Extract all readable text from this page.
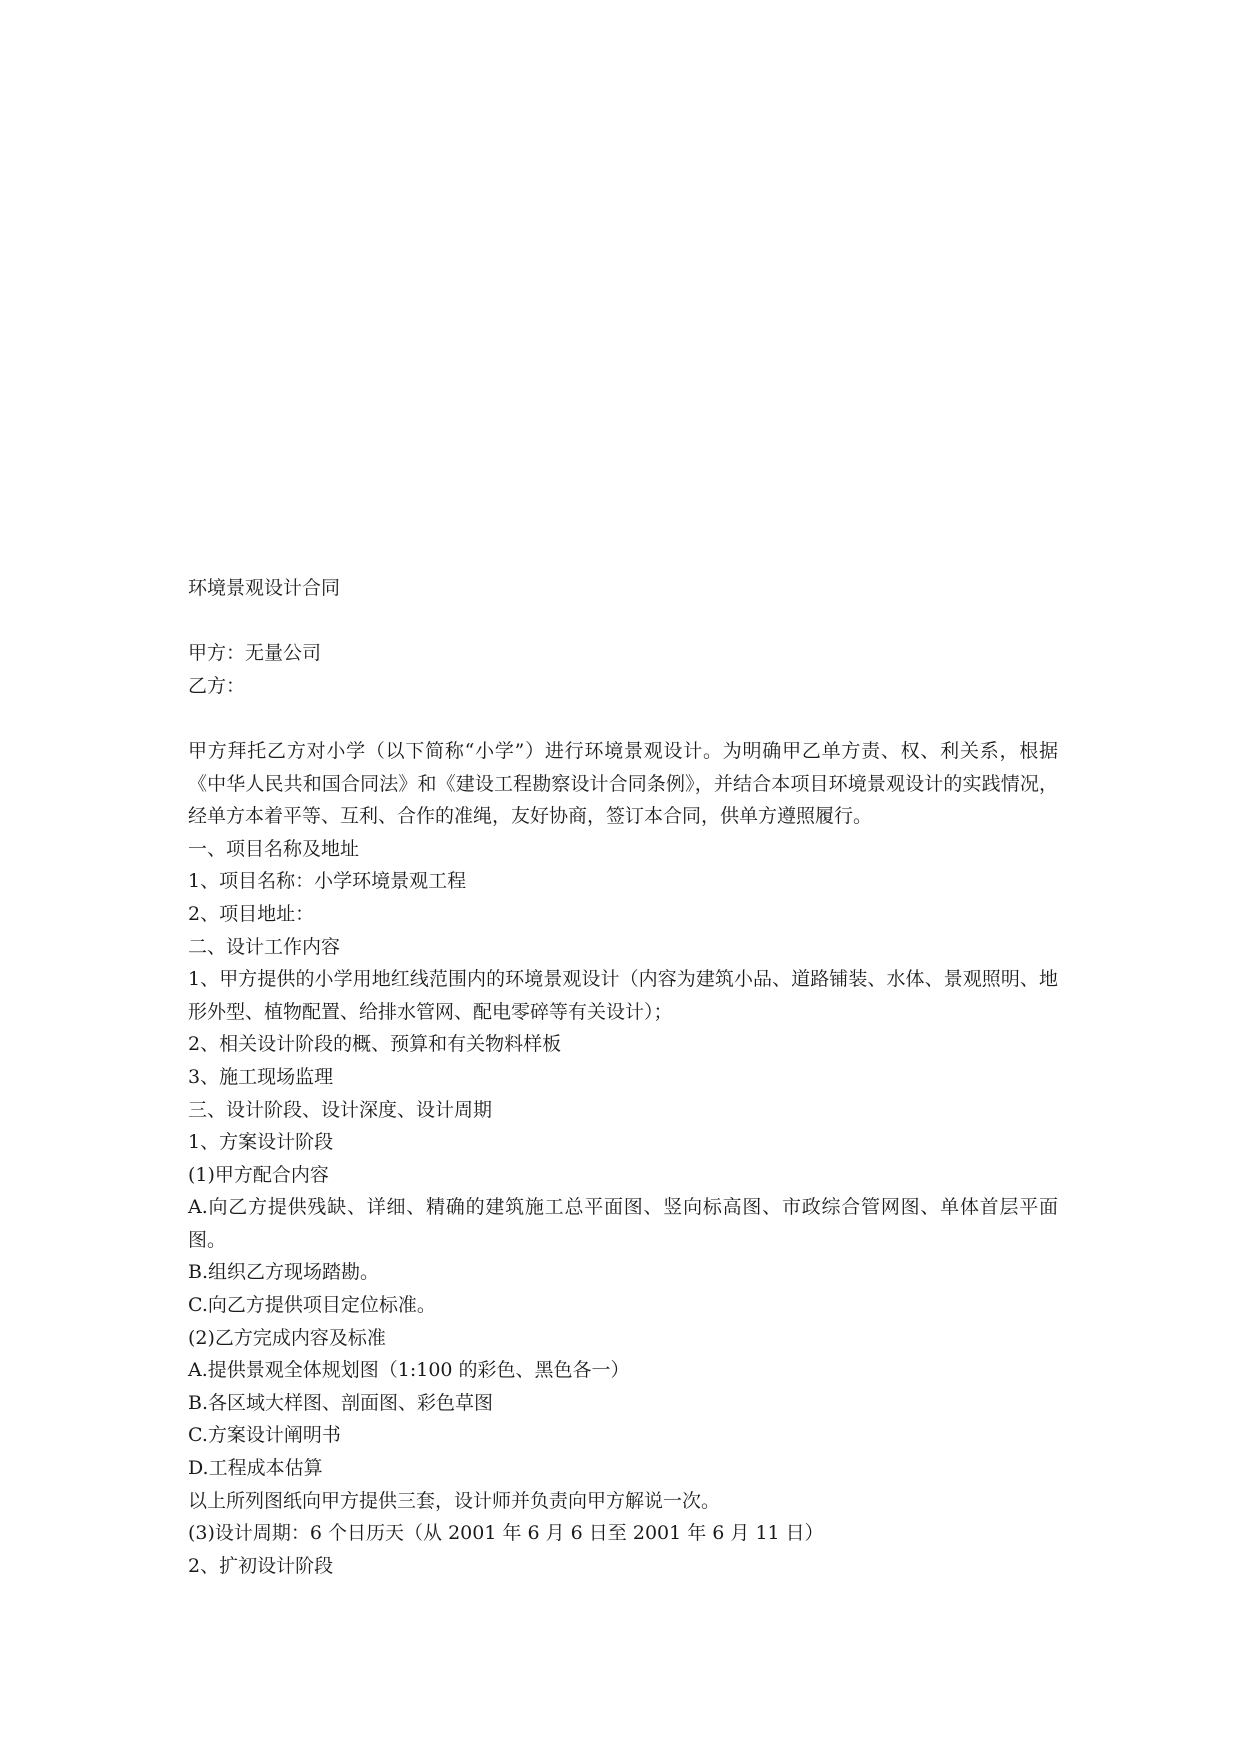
环境景观设计合同
甲方：无量公司
乙方：
甲方拜托乙方对小学（以下简称“小学”）进行环境景观设计。为明确甲乙单方责、权、利关系，根据《中华人民共和国合同法》和《建设工程勘察设计合同条例》，并结合本项目环境景观设计的实践情况，经单方本着平等、互利、合作的准绳，友好协商，签订本合同，供单方遵照履行。
一、项目名称及地址
1、项目名称：小学环境景观工程
2、项目地址：
二、设计工作内容
1、甲方提供的小学用地红线范围内的环境景观设计（内容为建筑小品、道路铺装、水体、景观照明、地形外型、植物配置、给排水管网、配电零碎等有关设计）；
2、相关设计阶段的概、预算和有关物料样板
3、施工现场监理
三、设计阶段、设计深度、设计周期
1、方案设计阶段
(1)甲方配合内容
A.向乙方提供残缺、详细、精确的建筑施工总平面图、竖向标高图、市政综合管网图、单体首层平面图。
B.组织乙方现场踏勘。
C.向乙方提供项目定位标准。
(2)乙方完成内容及标准
A.提供景观全体规划图（1:100 的彩色、黑色各一）
B.各区域大样图、剖面图、彩色草图
C.方案设计阐明书
D.工程成本估算
以上所列图纸向甲方提供三套，设计师并负责向甲方解说一次。
(3)设计周期：6 个日历天（从 2001 年 6 月 6 日至 2001 年 6 月 11 日）
2、扩初设计阶段
